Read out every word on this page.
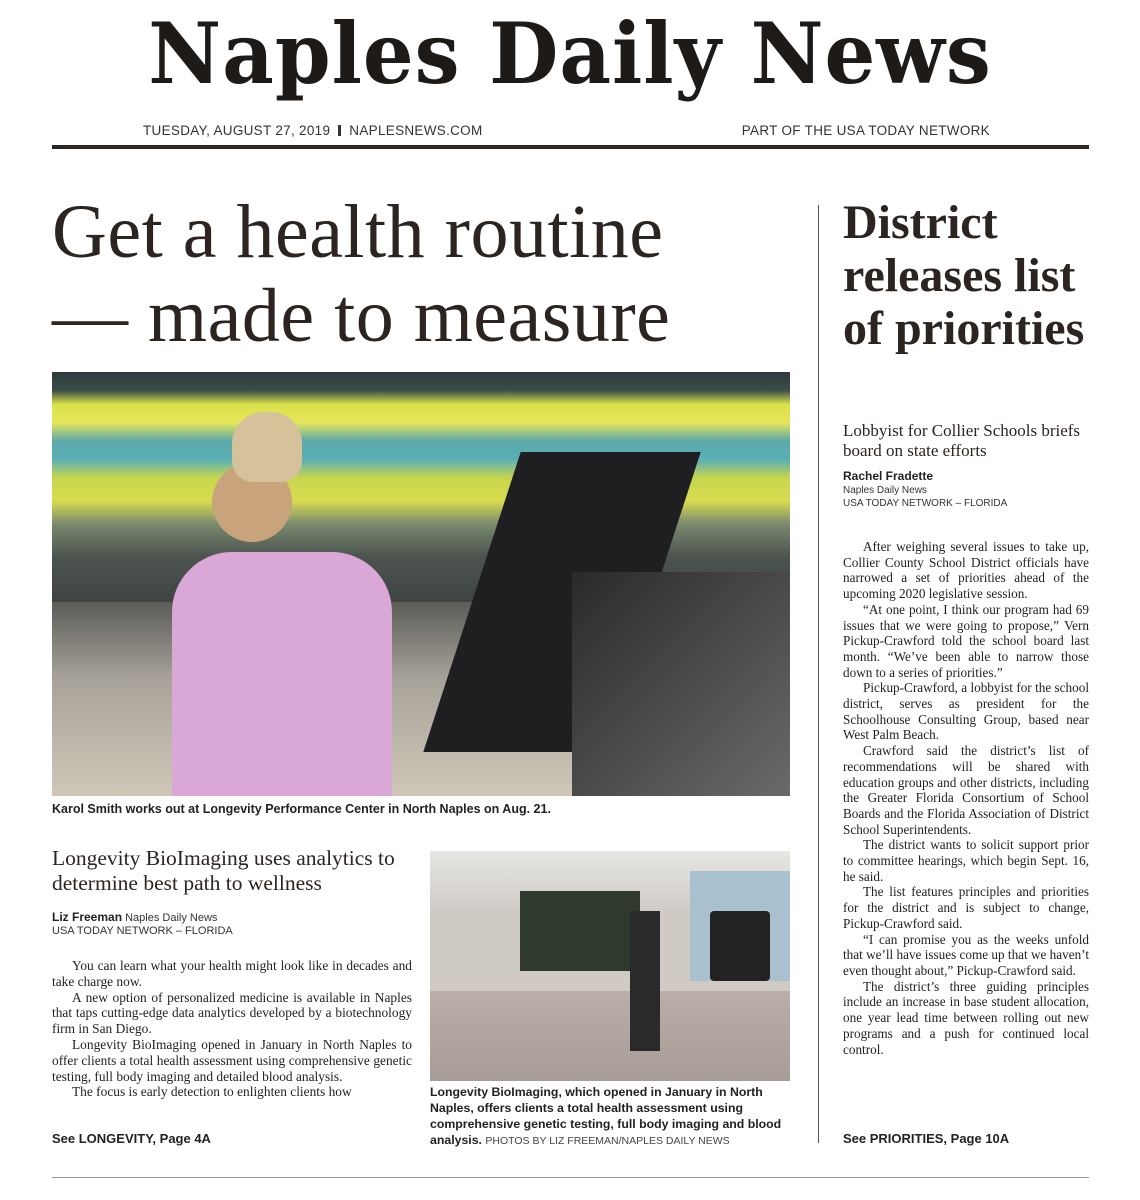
Naples Daily News
TUESDAY, AUGUST 27, 2019 NAPLESNEWS.COM	PART OF THE USA TODAY NETWORK
Get a health routine
— made to measure
Karol Smith works out at Longevity Performance Center in North Naples on Aug. 21.
Longevity BioImaging uses analytics to determine best path to wellness
Liz Freeman Naples Daily News
USA TODAY NETWORK – FLORIDA

You can learn what your health might look like in decades and take charge now.

A new option of personalized medicine is available in Naples that taps cutting-edge data analytics developed by a biotechnology firm in San Diego.

Longevity BioImaging opened in January in North Naples to offer clients a total health assessment using comprehensive genetic testing, full body imaging and detailed blood analysis.

The focus is early detection to enlighten clients how

See LONGEVITY, Page 4A
Longevity BioImaging, which opened in January in North Naples, offers clients a total health assessment using comprehensive genetic testing, full body imaging and blood analysis. PHOTOS BY LIZ FREEMAN/NAPLES DAILY NEWS
District releases list of priorities
Lobbyist for Collier Schools briefs board on state efforts
Rachel Fradette
Naples Daily News
USA TODAY NETWORK – FLORIDA

After weighing several issues to take up, Collier County School District officials have narrowed a set of priorities ahead of the upcoming 2020 legislative session.

“At one point, I think our program had 69 issues that we were going to propose,” Vern Pickup-Crawford told the school board last month. “We’ve been able to narrow those down to a series of priorities.”

Pickup-Crawford, a lobbyist for the school district, serves as president for the Schoolhouse Consulting Group, based near West Palm Beach.

Crawford said the district’s list of recommendations will be shared with education groups and other districts, including the Greater Florida Consortium of School Boards and the Florida Association of District School Superintendents.

The district wants to solicit support prior to committee hearings, which begin Sept. 16, he said.

The list features principles and priorities for the district and is subject to change, Pickup-Crawford said.

“I can promise you as the weeks unfold that we’ll have issues come up that we haven’t even thought about,” Pickup-Crawford said.

The district’s three guiding principles include an increase in base student allocation, one year lead time between rolling out new programs and a push for continued local control.

See PRIORITIES, Page 10A
